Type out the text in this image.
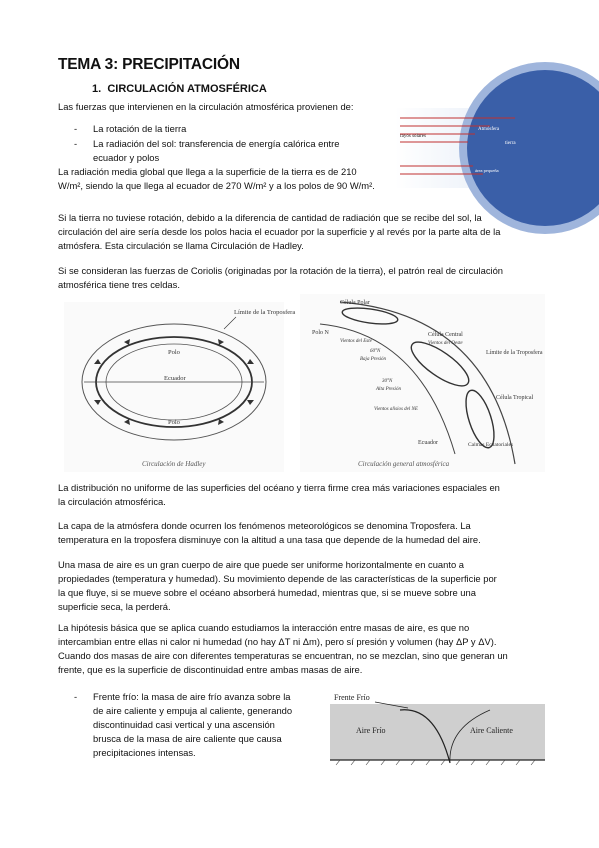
TEMA 3: PRECIPITACIÓN
1. CIRCULACIÓN ATMOSFÉRICA
Las fuerzas que intervienen en la circulación atmosférica provienen de:
- La rotación de la tierra
- La radiación del sol: transferencia de energía calórica entre
ecuador y polos
rayos solares
Atmósfera
tierra
área pequeña
La radiación media global que llega a la superficie de la tierra es de 210
W/m², siendo la que llega al ecuador de 270 W/m² y a los polos de 90 W/m².
Si la tierra no tuviese rotación, debido a la diferencia de cantidad de radiación que se recibe del sol, la
circulación del aire sería desde los polos hacia el ecuador por la superficie y al revés por la parte alta de la
atmósfera. Esta circulación se llama Circulación de Hadley.
Si se consideran las fuerzas de Coriolis (originadas por la rotación de la tierra), el patrón real de circulación
atmosférica tiene tres celdas.
Límite de la Troposfera
Polo
Ecuador
Polo
Circulación de Hadley
Célula Polar
Polo N
Vientos del Este
60°N
Baja Presión
Célula Central
Vientos del Oeste
Límite de la Troposfera
30°N
Alta Presión
Vientos alisios del NE
Célula Tropical
Ecuador	Calmas Ecuatoriales
Circulación general atmosférica
La distribución no uniforme de las superficies del océano y tierra firme crea más variaciones espaciales en
la circulación atmosférica.
La capa de la atmósfera donde ocurren los fenómenos meteorológicos se denomina Troposfera. La
temperatura en la troposfera disminuye con la altitud a una tasa que depende de la humedad del aire.
Una masa de aire es un gran cuerpo de aire que puede ser uniforme horizontalmente en cuanto a
propiedades (temperatura y humedad). Su movimiento depende de las características de la superficie por
la que fluye, si se mueve sobre el océano absorberá humedad, mientras que, si se mueve sobre una
superficie seca, la perderá.
La hipótesis básica que se aplica cuando estudiamos la interacción entre masas de aire, es que no
intercambian entre ellas ni calor ni humedad (no hay ΔT ni Δm), pero sí presión y volumen (hay ΔP y ΔV).
Cuando dos masas de aire con diferentes temperaturas se encuentran, no se mezclan, sino que generan un
frente, que es la superficie de discontinuidad entre ambas masas de aire.
- Frente frío: la masa de aire frío avanza sobre la
de aire caliente y empuja al caliente, generando
discontinuidad casi vertical y una ascensión
brusca de la masa de aire caliente que causa
precipitaciones intensas.
Frente Frío
Aire Frío	Aire Caliente
